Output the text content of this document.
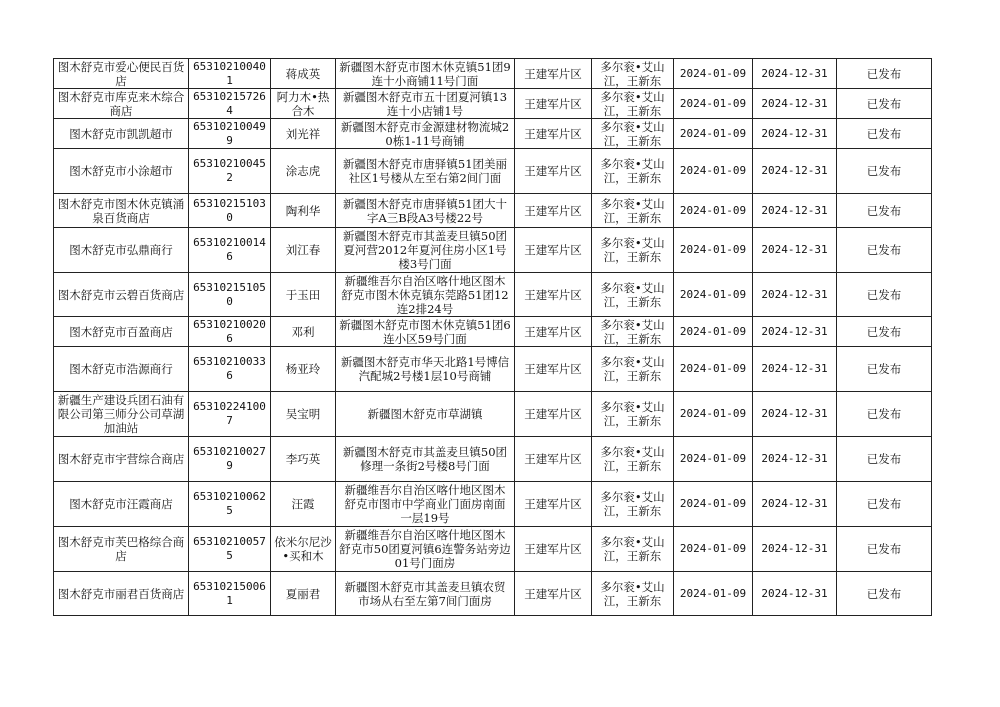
图木舒克市爱心便民百货店	653102100401	蒋成英	新疆图木舒克市图木休克镇51团9连十小商铺11号门面	王建军片区	多尔衮•艾山江，王新东	2024-01-09	2024-12-31	已发布
图木舒克市库克来木综合商店	653102157264	阿力木•热合木	新疆图木舒克市五十团夏河镇13连十小店铺1号	王建军片区	多尔衮•艾山江，王新东	2024-01-09	2024-12-31	已发布
图木舒克市凯凯超市	653102100499	刘光祥	新疆图木舒克市金源建材物流城20栋1-11号商铺	王建军片区	多尔衮•艾山江，王新东	2024-01-09	2024-12-31	已发布
图木舒克市小涂超市	653102100452	涂志虎	新疆图木舒克市唐驿镇51团美丽社区1号楼从左至右第2间门面	王建军片区	多尔衮•艾山江，王新东	2024-01-09	2024-12-31	已发布
图木舒克市图木休克镇涌泉百货商店	653102151030	陶利华	新疆图木舒克市唐驿镇51团大十字A三B段A3号楼22号	王建军片区	多尔衮•艾山江，王新东	2024-01-09	2024-12-31	已发布
图木舒克市弘鼎商行	653102100146	刘江春	新疆图木舒克市其盖麦旦镇50团夏河营2012年夏河住房小区1号楼3号门面	王建军片区	多尔衮•艾山江，王新东	2024-01-09	2024-12-31	已发布
图木舒克市云碧百货商店	653102151050	于玉田	新疆维吾尔自治区喀什地区图木舒克市图木休克镇东莞路51团12连2排24号	王建军片区	多尔衮•艾山江，王新东	2024-01-09	2024-12-31	已发布
图木舒克市百盈商店	653102100206	邓利	新疆图木舒克市图木休克镇51团6连小区59号门面	王建军片区	多尔衮•艾山江，王新东	2024-01-09	2024-12-31	已发布
图木舒克市浩源商行	653102100336	杨亚玲	新疆图木舒克市华天北路1号博信汽配城2号楼1层10号商铺	王建军片区	多尔衮•艾山江，王新东	2024-01-09	2024-12-31	已发布
新疆生产建设兵团石油有限公司第三师分公司草湖加油站	653102241007	吴宝明	新疆图木舒克市草湖镇	王建军片区	多尔衮•艾山江，王新东	2024-01-09	2024-12-31	已发布
图木舒克市宇营综合商店	653102100279	李巧英	新疆图木舒克市其盖麦旦镇50团修理一条街2号楼8号门面	王建军片区	多尔衮•艾山江，王新东	2024-01-09	2024-12-31	已发布
图木舒克市汪霞商店	653102100625	汪霞	新疆维吾尔自治区喀什地区图木舒克市图市中学商业门面房南面一层19号	王建军片区	多尔衮•艾山江，王新东	2024-01-09	2024-12-31	已发布
图木舒克市芙巴格综合商店	653102100575	依米尔尼沙•买和木	新疆维吾尔自治区喀什地区图木舒克市50团夏河镇6连警务站旁边01号门面房	王建军片区	多尔衮•艾山江，王新东	2024-01-09	2024-12-31	已发布
图木舒克市丽君百货商店	653102150061	夏丽君	新疆图木舒克市其盖麦旦镇农贸市场从右至左第7间门面房	王建军片区	多尔衮•艾山江，王新东	2024-01-09	2024-12-31	已发布
